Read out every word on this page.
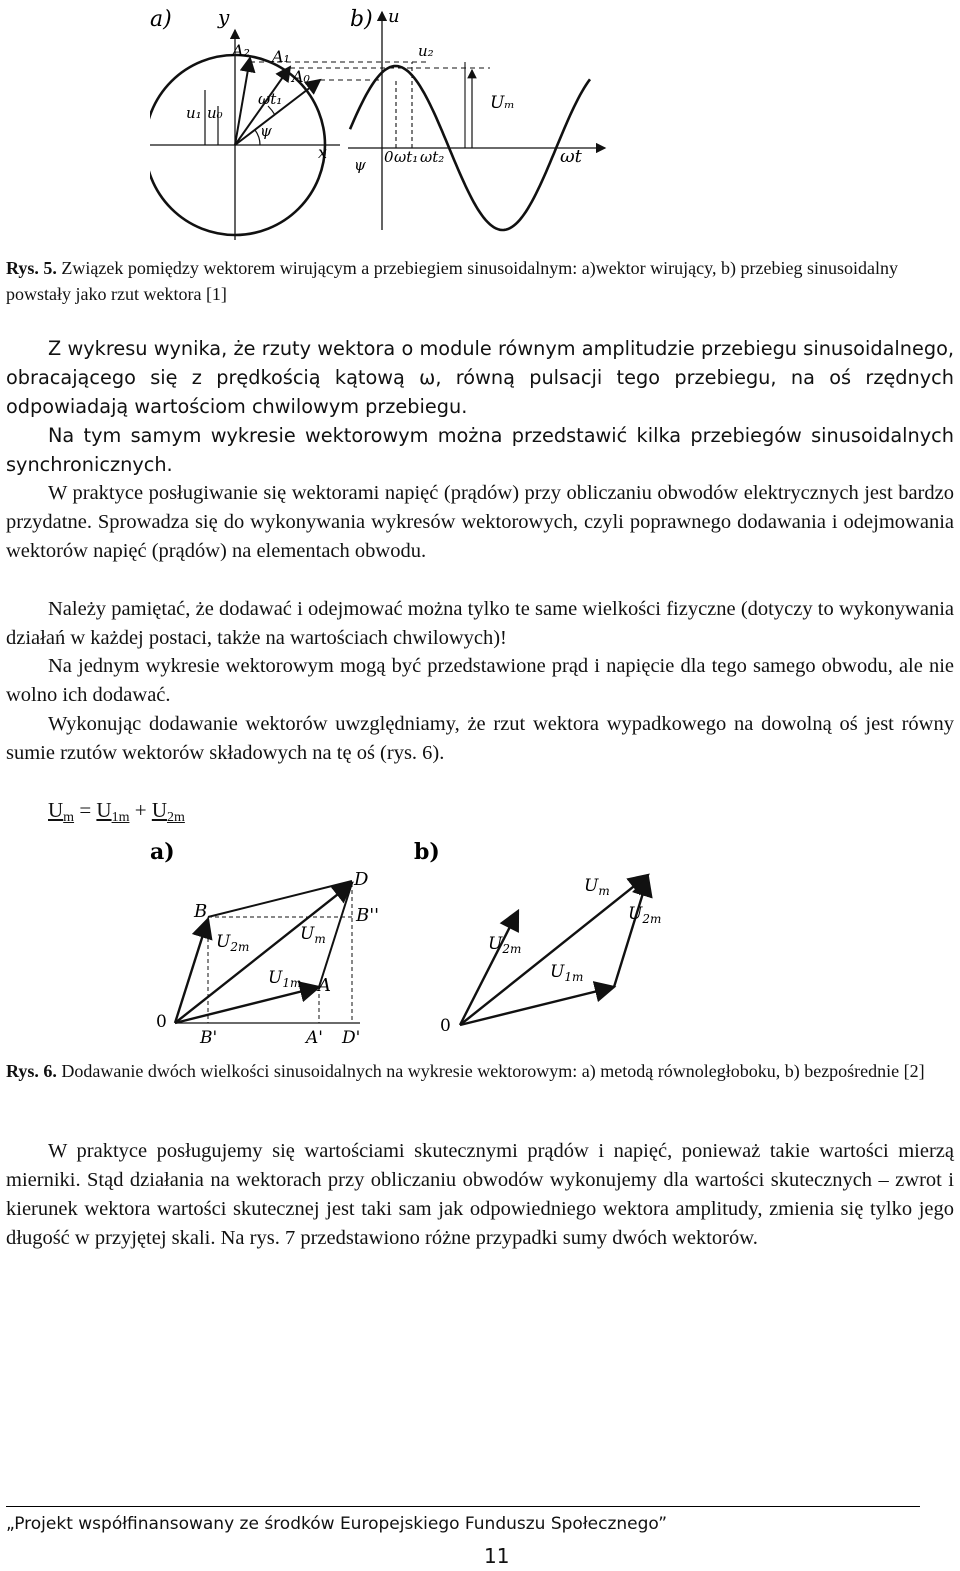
a) y	b) u
A₂ A₁
A₀
u₁ u₀
ωt₁
ψ
x
u₂
Uₘ
ψ 0 ωt₁ ωt₂	ωt
Rys. 5. Związek pomiędzy wektorem wirującym a przebiegiem sinusoidalnym: a)wektor wirujący, b) przebieg sinusoidalny powstały jako rzut wektora [1]
Z wykresu wynika, że rzuty wektora o module równym amplitudzie przebiegu sinusoidalnego, obracającego się z prędkością kątową ω, równą pulsacji tego przebiegu, na oś rzędnych odpowiadają wartościom chwilowym przebiegu.
Na tym samym wykresie wektorowym można przedstawić kilka przebiegów sinusoidalnych synchronicznych.
W praktyce posługiwanie się wektorami napięć (prądów) przy obliczaniu obwodów elektrycznych jest bardzo przydatne. Sprowadza się do wykonywania wykresów wektorowych, czyli poprawnego dodawania i odejmowania wektorów napięć (prądów) na elementach obwodu.
Należy pamiętać, że dodawać i odejmować można tylko te same wielkości fizyczne (dotyczy to wykonywania działań w każdej postaci, także na wartościach chwilowych)!
Na jednym wykresie wektorowym mogą być przedstawione prąd i napięcie dla tego samego obwodu, ale nie wolno ich dodawać.
Wykonując dodawanie wektorów uwzględniamy, że rzut wektora wypadkowego na dowolną oś jest równy sumie rzutów wektorów składowych na tę oś (rys. 6).
$U_m = U_{1m} + U_{2m}$
a)
D
B	B''
$U_{2m}$
$U_m$
$U_{1m}$ A
0
B'	A' D'
b)
$U_m$
$U_{2m}$
$U_{2m}$
$U_{1m}$
0
Rys. 6. Dodawanie dwóch wielkości sinusoidalnych na wykresie wektorowym: a) metodą równoległoboku, b) bezpośrednie [2]
W praktyce posługujemy się wartościami skutecznymi prądów i napięć, ponieważ takie wartości mierzą mierniki. Stąd działania na wektorach przy obliczaniu obwodów wykonujemy dla wartości skutecznych – zwrot i kierunek wektora wartości skutecznej jest taki sam jak odpowiedniego wektora amplitudy, zmienia się tylko jego długość w przyjętej skali. Na rys. 7 przedstawiono różne przypadki sumy dwóch wektorów.
„Projekt współfinansowany ze środków Europejskiego Funduszu Społecznego”
11
